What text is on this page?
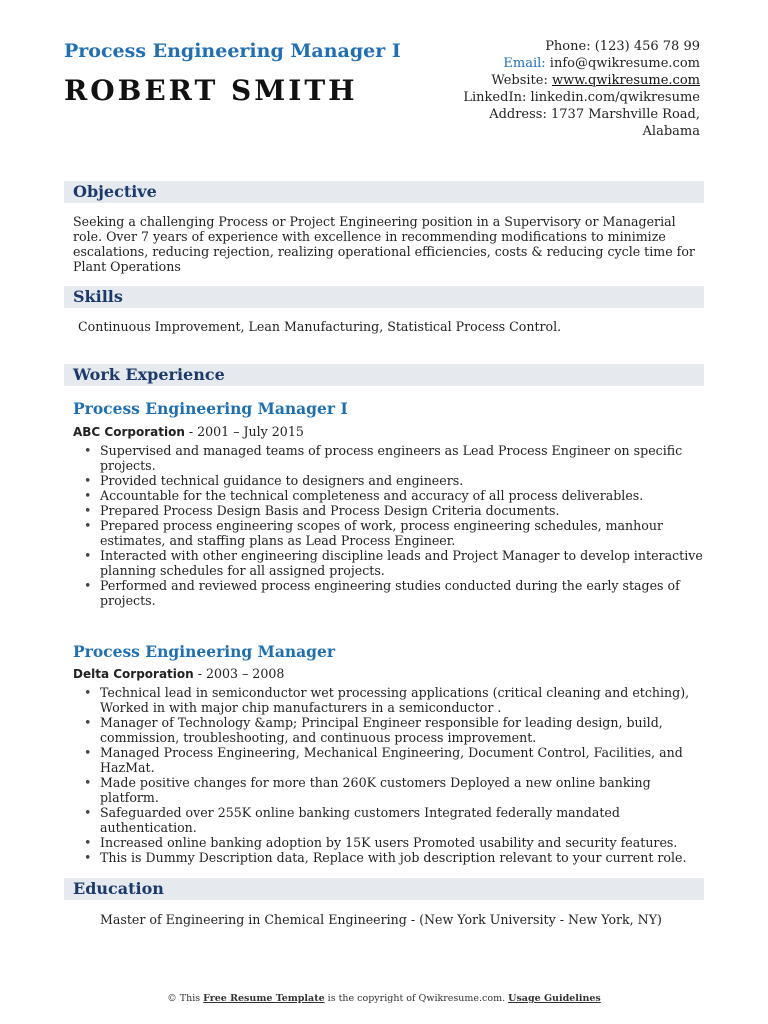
Process Engineering Manager I
ROBERT SMITH
Phone: (123) 456 78 99
Email: info@qwikresume.com
Website: www.qwikresume.com
LinkedIn: linkedin.com/qwikresume
Address: 1737 Marshville Road,
Alabama
Objective
Seeking a challenging Process or Project Engineering position in a Supervisory or Managerial role. Over 7 years of experience with excellence in recommending modifications to minimize escalations, reducing rejection, realizing operational efficiencies, costs & reducing cycle time for Plant Operations
Skills
Continuous Improvement, Lean Manufacturing, Statistical Process Control.
Work Experience
Process Engineering Manager I
ABC Corporation - 2001 – July 2015
• Supervised and managed teams of process engineers as Lead Process Engineer on specific projects.
• Provided technical guidance to designers and engineers.
• Accountable for the technical completeness and accuracy of all process deliverables.
• Prepared Process Design Basis and Process Design Criteria documents.
• Prepared process engineering scopes of work, process engineering schedules, manhour estimates, and staffing plans as Lead Process Engineer.
• Interacted with other engineering discipline leads and Project Manager to develop interactive planning schedules for all assigned projects.
• Performed and reviewed process engineering studies conducted during the early stages of projects.
Process Engineering Manager
Delta Corporation - 2003 – 2008
• Technical lead in semiconductor wet processing applications (critical cleaning and etching), Worked in with major chip manufacturers in a semiconductor .
• Manager of Technology &amp; Principal Engineer responsible for leading design, build, commission, troubleshooting, and continuous process improvement.
• Managed Process Engineering, Mechanical Engineering, Document Control, Facilities, and HazMat.
• Made positive changes for more than 260K customers Deployed a new online banking platform.
• Safeguarded over 255K online banking customers Integrated federally mandated authentication.
• Increased online banking adoption by 15K users Promoted usability and security features.
• This is Dummy Description data, Replace with job description relevant to your current role.
Education
Master of Engineering in Chemical Engineering - (New York University - New York, NY)
© This Free Resume Template is the copyright of Qwikresume.com. Usage Guidelines
